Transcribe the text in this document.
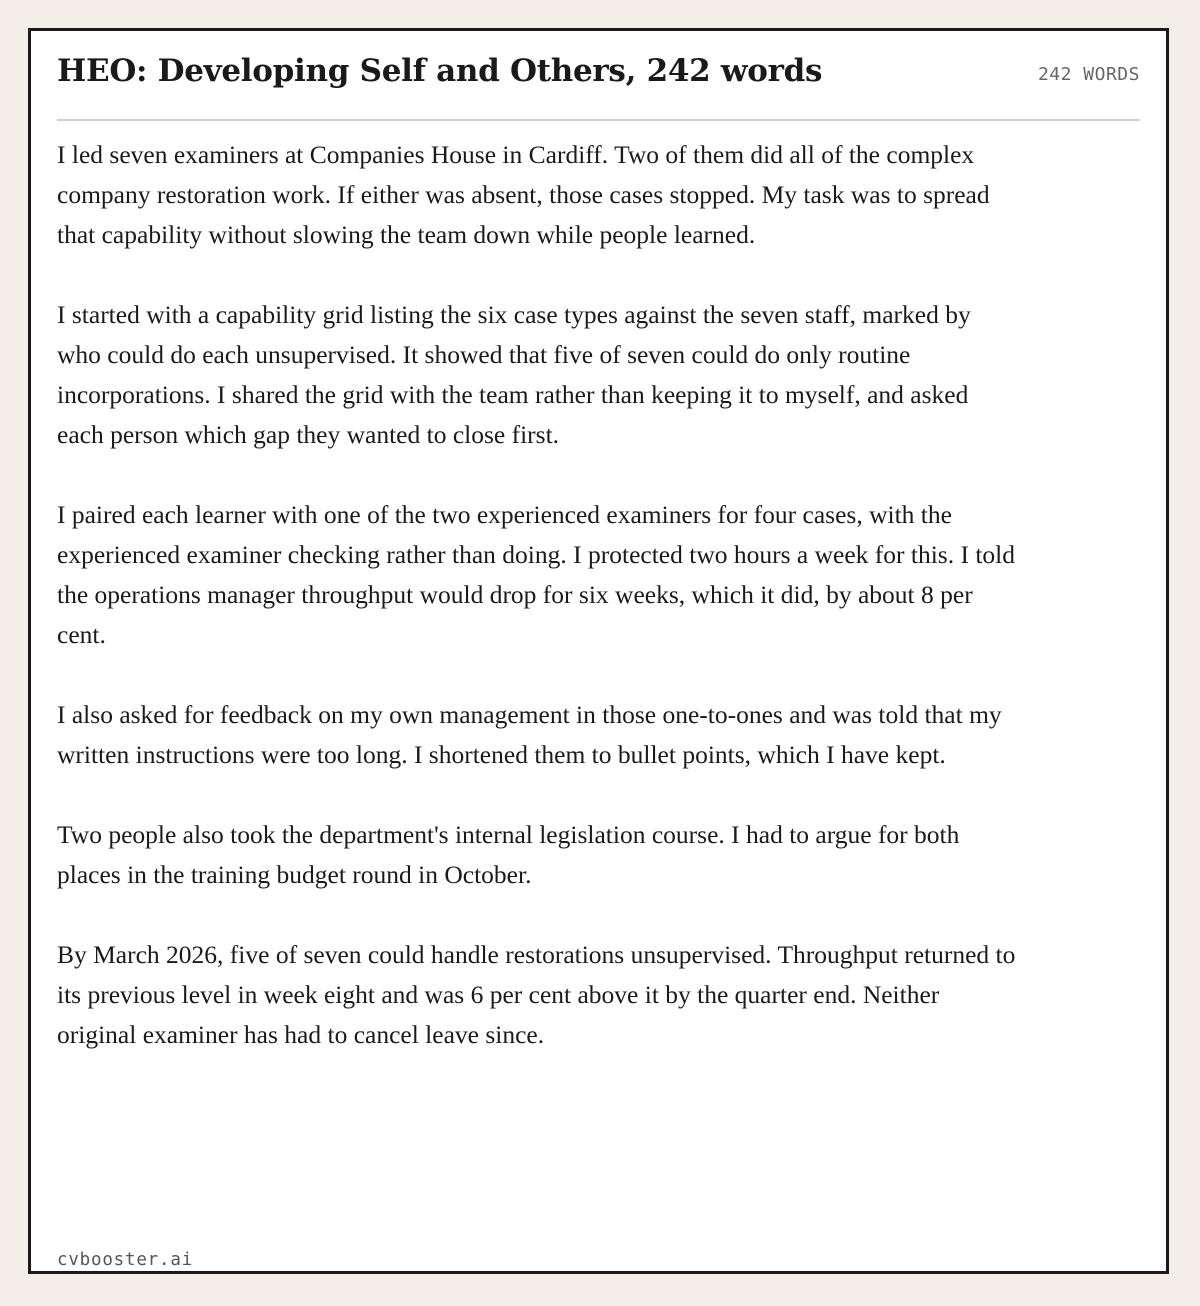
HEO: Developing Self and Others, 242 words	242 WORDS

I led seven examiners at Companies House in Cardiff. Two of them did all of the complex company restoration work. If either was absent, those cases stopped. My task was to spread that capability without slowing the team down while people learned.

I started with a capability grid listing the six case types against the seven staff, marked by who could do each unsupervised. It showed that five of seven could do only routine incorporations. I shared the grid with the team rather than keeping it to myself, and asked each person which gap they wanted to close first.

I paired each learner with one of the two experienced examiners for four cases, with the experienced examiner checking rather than doing. I protected two hours a week for this. I told the operations manager throughput would drop for six weeks, which it did, by about 8 per cent.

I also asked for feedback on my own management in those one-to-ones and was told that my written instructions were too long. I shortened them to bullet points, which I have kept.

Two people also took the department's internal legislation course. I had to argue for both places in the training budget round in October.

By March 2026, five of seven could handle restorations unsupervised. Throughput returned to its previous level in week eight and was 6 per cent above it by the quarter end. Neither original examiner has had to cancel leave since.

cvbooster.ai
